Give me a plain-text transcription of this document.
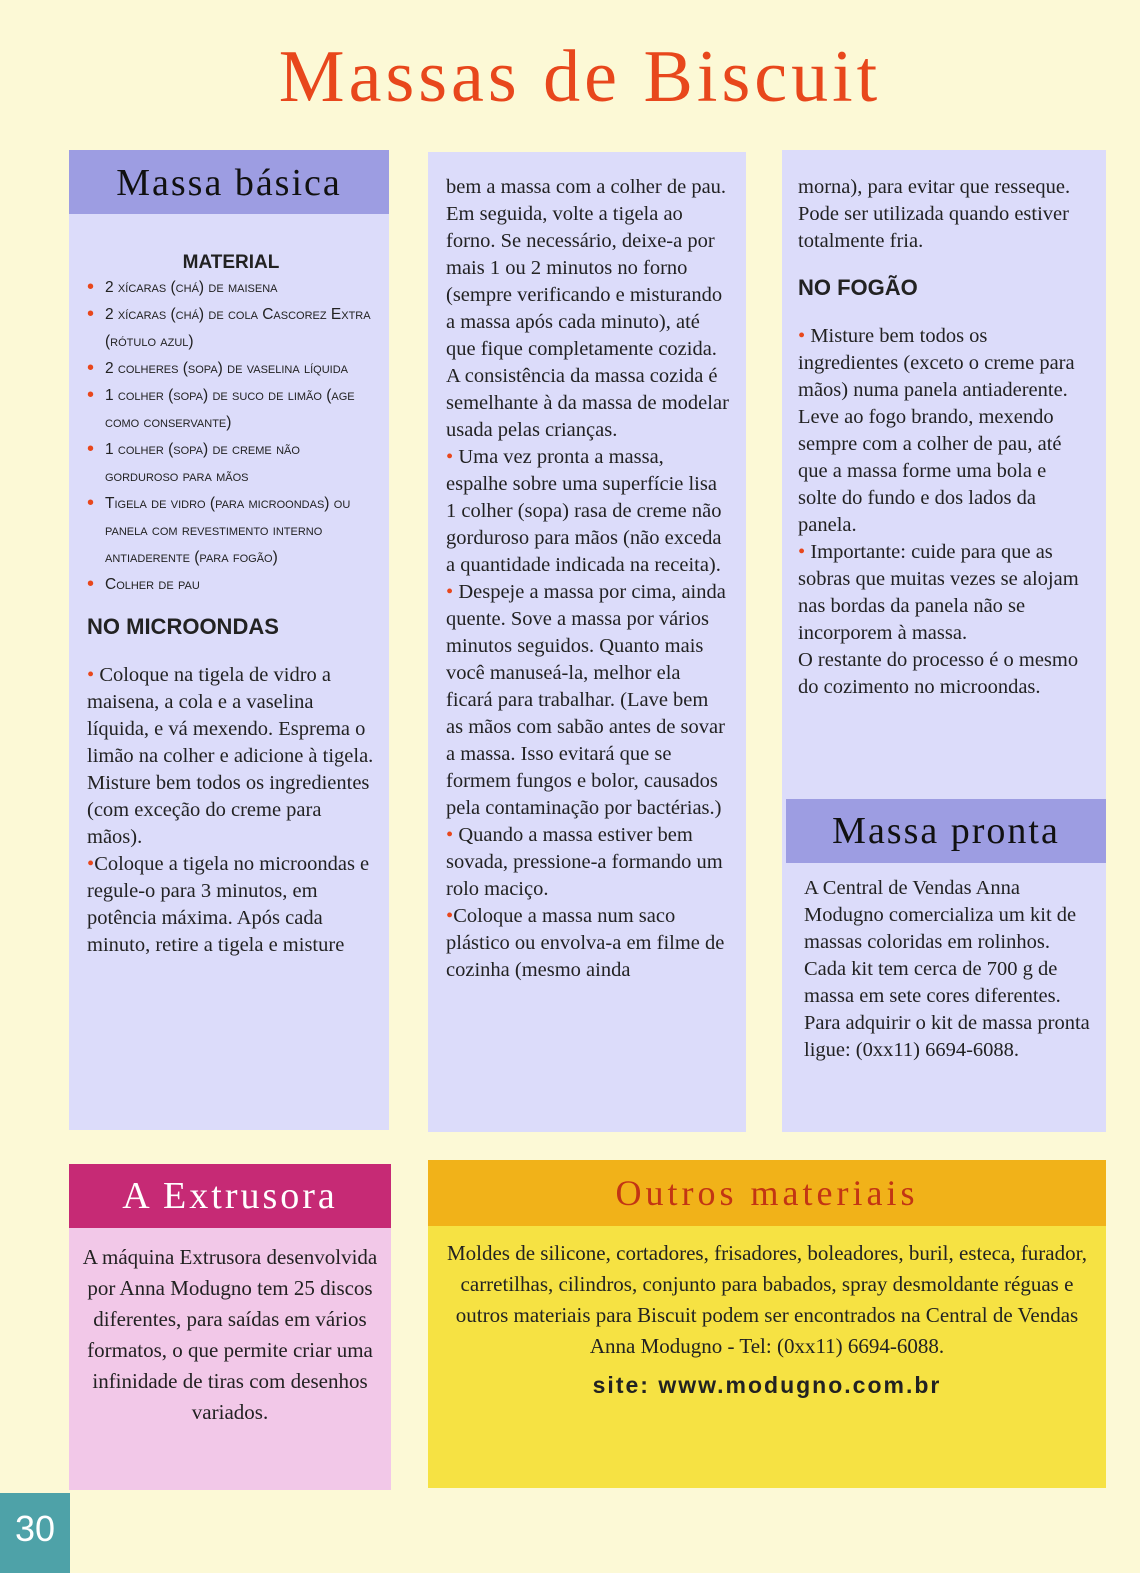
Massas de Biscuit
Massa básica

MATERIAL

• 2 xícaras (chá) de maisena
• 2 xícaras (chá) de cola Cascorez Extra (rótulo azul)
• 2 colheres (sopa) de vaselina líquida
• 1 colher (sopa) de suco de limão (age como conservante)
• 1 colher (sopa) de creme não gorduroso para mãos
• Tigela de vidro (para microondas) ou panela com revestimento interno antiaderente (para fogão)
• Colher de pau

NO MICROONDAS

• Coloque na tigela de vidro a maisena, a cola e a vaselina líquida, e vá mexendo. Esprema o limão na colher e adicione à tigela. Misture bem todos os ingredientes (com exceção do creme para mãos).

•Coloque a tigela no microondas e regule-o para 3 minutos, em potência máxima. Após cada minuto, retire a tigela e misture

bem a massa com a colher de pau. Em seguida, volte a tigela ao forno. Se necessário, deixe-a por mais 1 ou 2 minutos no forno (sempre verificando e misturando a massa após cada minuto), até que fique completamente cozida.

A consistência da massa cozida é semelhante à da massa de modelar usada pelas crianças.

• Uma vez pronta a massa, espalhe sobre uma superfície lisa 1 colher (sopa) rasa de creme não gorduroso para mãos (não exceda a quantidade indicada na receita).

• Despeje a massa por cima, ainda quente. Sove a massa por vários minutos seguidos. Quanto mais você manuseá-la, melhor ela ficará para trabalhar. (Lave bem as mãos com sabão antes de sovar a massa. Isso evitará que se formem fungos e bolor, causados pela contaminação por bactérias.)

• Quando a massa estiver bem sovada, pressione-a formando um rolo maciço.

•Coloque a massa num saco plástico ou envolva-a em filme de cozinha (mesmo ainda

morna), para evitar que resseque. Pode ser utilizada quando estiver totalmente fria.

NO FOGÃO

• Misture bem todos os ingredientes (exceto o creme para mãos) numa panela antiaderente. Leve ao fogo brando, mexendo sempre com a colher de pau, até que a massa forme uma bola e solte do fundo e dos lados da panela.

• Importante: cuide para que as sobras que muitas vezes se alojam nas bordas da panela não se incorporem à massa.

O restante do processo é o mesmo do cozimento no microondas.

Massa pronta

A Central de Vendas Anna Modugno comercializa um kit de massas coloridas em rolinhos. Cada kit tem cerca de 700 g de massa em sete cores diferentes. Para adquirir o kit de massa pronta ligue: (0xx11) 6694-6088.

A Extrusora

A máquina Extrusora desenvolvida por Anna Modugno tem 25 discos diferentes, para saídas em vários formatos, o que permite criar uma infinidade de tiras com desenhos variados.

Outros materiais

Moldes de silicone, cortadores, frisadores, boleadores, buril, esteca, furador, carretilhas, cilindros, conjunto para babados, spray desmoldante réguas e outros materiais para Biscuit podem ser encontrados na Central de Vendas Anna Modugno - Tel: (0xx11) 6694-6088.

site: www.modugno.com.br

30
